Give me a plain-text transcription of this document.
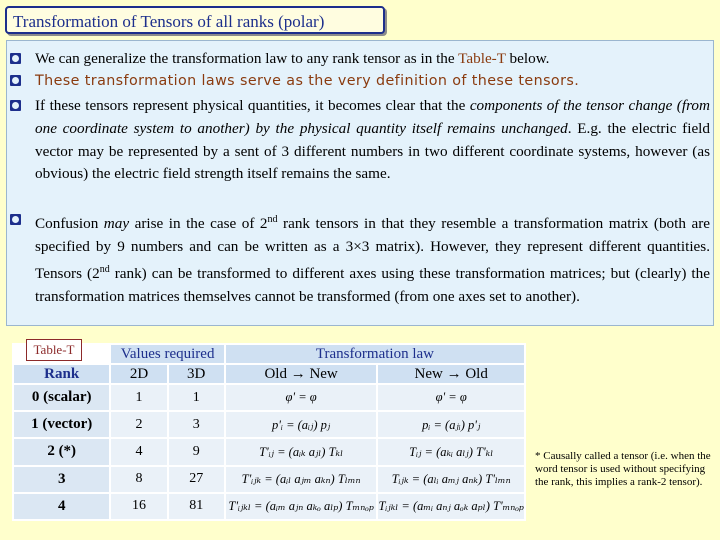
Transformation of Tensors of all ranks (polar)
We can generalize the transformation law to any rank tensor as in the Table-T below.
These transformation laws serve as the very definition of these tensors.
If these tensors represent physical quantities, it becomes clear that the components of the tensor change (from one coordinate system to another) by the physical quantity itself remains unchanged. E.g. the electric field vector may be represented by a sent of 3 different numbers in two different coordinate systems, however (as obvious) the electric field strength itself remains the same.
Confusion may arise in the case of 2nd rank tensors in that they resemble a transformation matrix (both are specified by 9 numbers and can be written as a 3×3 matrix). However, they represent different quantities. Tensors (2nd rank) can be transformed to different axes using these transformation matrices; but (clearly) the transformation matrices themselves cannot be transformed (from one axes set to another).
	Values required		Transformation law	
Rank	2D	3D	Old → New	New → Old
0 (scalar)	1	1	φ' = φ	φ' = φ
1 (vector)	2	3	p'ᵢ = (aᵢⱼ) pⱼ	pᵢ = (aⱼᵢ) p'ⱼ
2 (*)	4	9	T'ᵢⱼ = (aᵢₖ aⱼₗ) Tₖₗ	Tᵢⱼ = (aₖᵢ aₗⱼ) T'ₖₗ
3	8	27	T'ᵢⱼₖ = (aᵢₗ aⱼₘ aₖₙ) Tₗₘₙ	Tᵢⱼₖ = (aₗᵢ aₘⱼ aₙₖ) T'ₗₘₙ
4	16	81	T'ᵢⱼₖₗ = (aᵢₘ aⱼₙ aₖₒ aₗₚ) Tₘₙₒₚ	Tᵢⱼₖₗ = (aₘᵢ aₙⱼ aₒₖ aₚₗ) T'ₘₙₒₚ
Table-T
* Causally called a tensor (i.e. when the word tensor is used without specifying the rank, this implies a rank-2 tensor).
